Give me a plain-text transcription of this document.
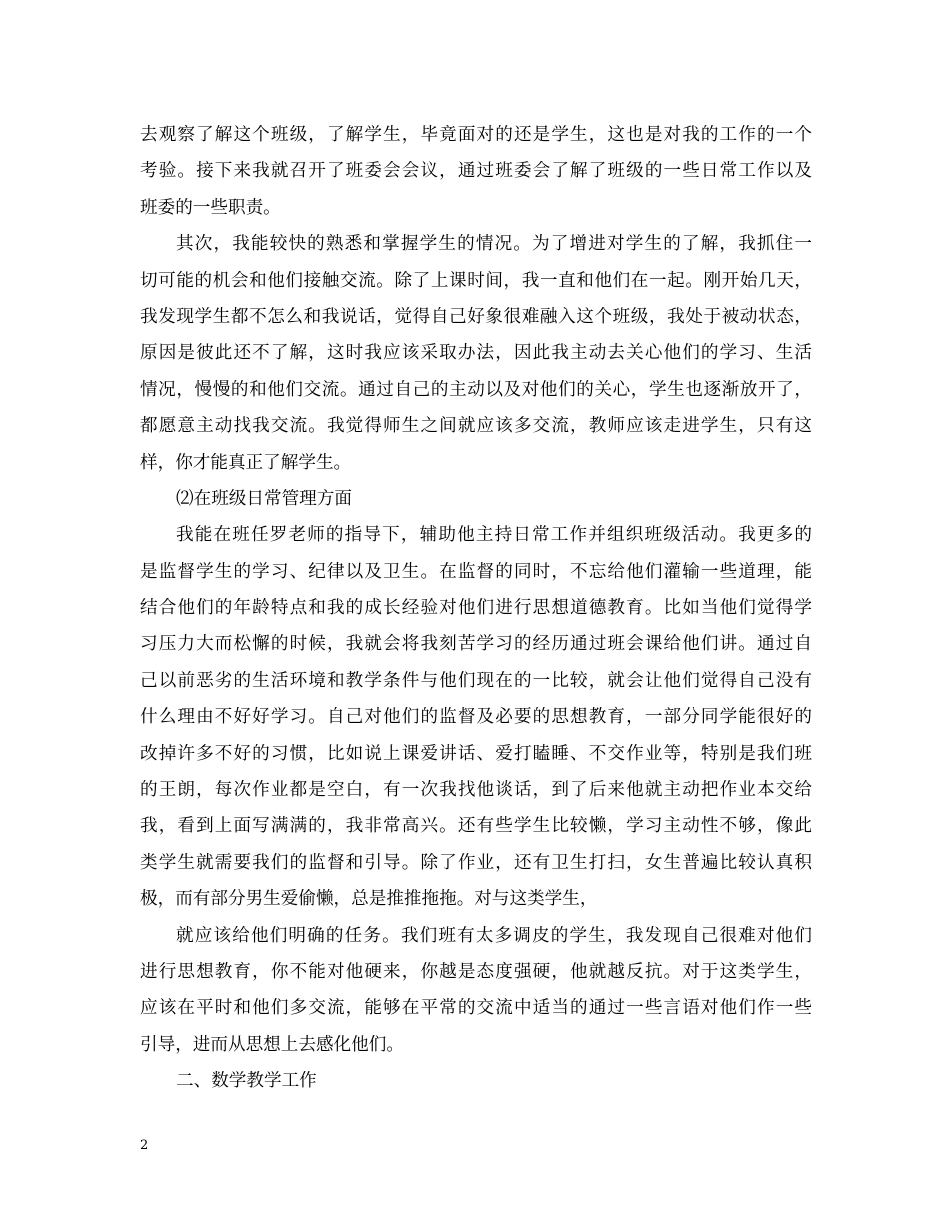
去观察了解这个班级，了解学生，毕竟面对的还是学生，这也是对我的工作的一个
考验。接下来我就召开了班委会会议，通过班委会了解了班级的一些日常工作以及
班委的一些职责。
其次，我能较快的熟悉和掌握学生的情况。为了增进对学生的了解，我抓住一
切可能的机会和他们接触交流。除了上课时间，我一直和他们在一起。刚开始几天，
我发现学生都不怎么和我说话，觉得自己好象很难融入这个班级，我处于被动状态，
原因是彼此还不了解，这时我应该采取办法，因此我主动去关心他们的学习、生活
情况，慢慢的和他们交流。通过自己的主动以及对他们的关心，学生也逐渐放开了，
都愿意主动找我交流。我觉得师生之间就应该多交流，教师应该走进学生，只有这
样，你才能真正了解学生。
⑵在班级日常管理方面
我能在班任罗老师的指导下，辅助他主持日常工作并组织班级活动。我更多的
是监督学生的学习、纪律以及卫生。在监督的同时，不忘给他们灌输一些道理，能
结合他们的年龄特点和我的成长经验对他们进行思想道德教育。比如当他们觉得学
习压力大而松懈的时候，我就会将我刻苦学习的经历通过班会课给他们讲。通过自
己以前恶劣的生活环境和教学条件与他们现在的一比较，就会让他们觉得自己没有
什么理由不好好学习。自己对他们的监督及必要的思想教育，一部分同学能很好的
改掉许多不好的习惯，比如说上课爱讲话、爱打瞌睡、不交作业等，特别是我们班
的王朗，每次作业都是空白，有一次我找他谈话，到了后来他就主动把作业本交给
我，看到上面写满满的，我非常高兴。还有些学生比较懒，学习主动性不够，像此
类学生就需要我们的监督和引导。除了作业，还有卫生打扫，女生普遍比较认真积
极，而有部分男生爱偷懒，总是推推拖拖。对与这类学生，
就应该给他们明确的任务。我们班有太多调皮的学生，我发现自己很难对他们
进行思想教育，你不能对他硬来，你越是态度强硬，他就越反抗。对于这类学生，
应该在平时和他们多交流，能够在平常的交流中适当的通过一些言语对他们作一些
引导，进而从思想上去感化他们。
二、数学教学工作
2
